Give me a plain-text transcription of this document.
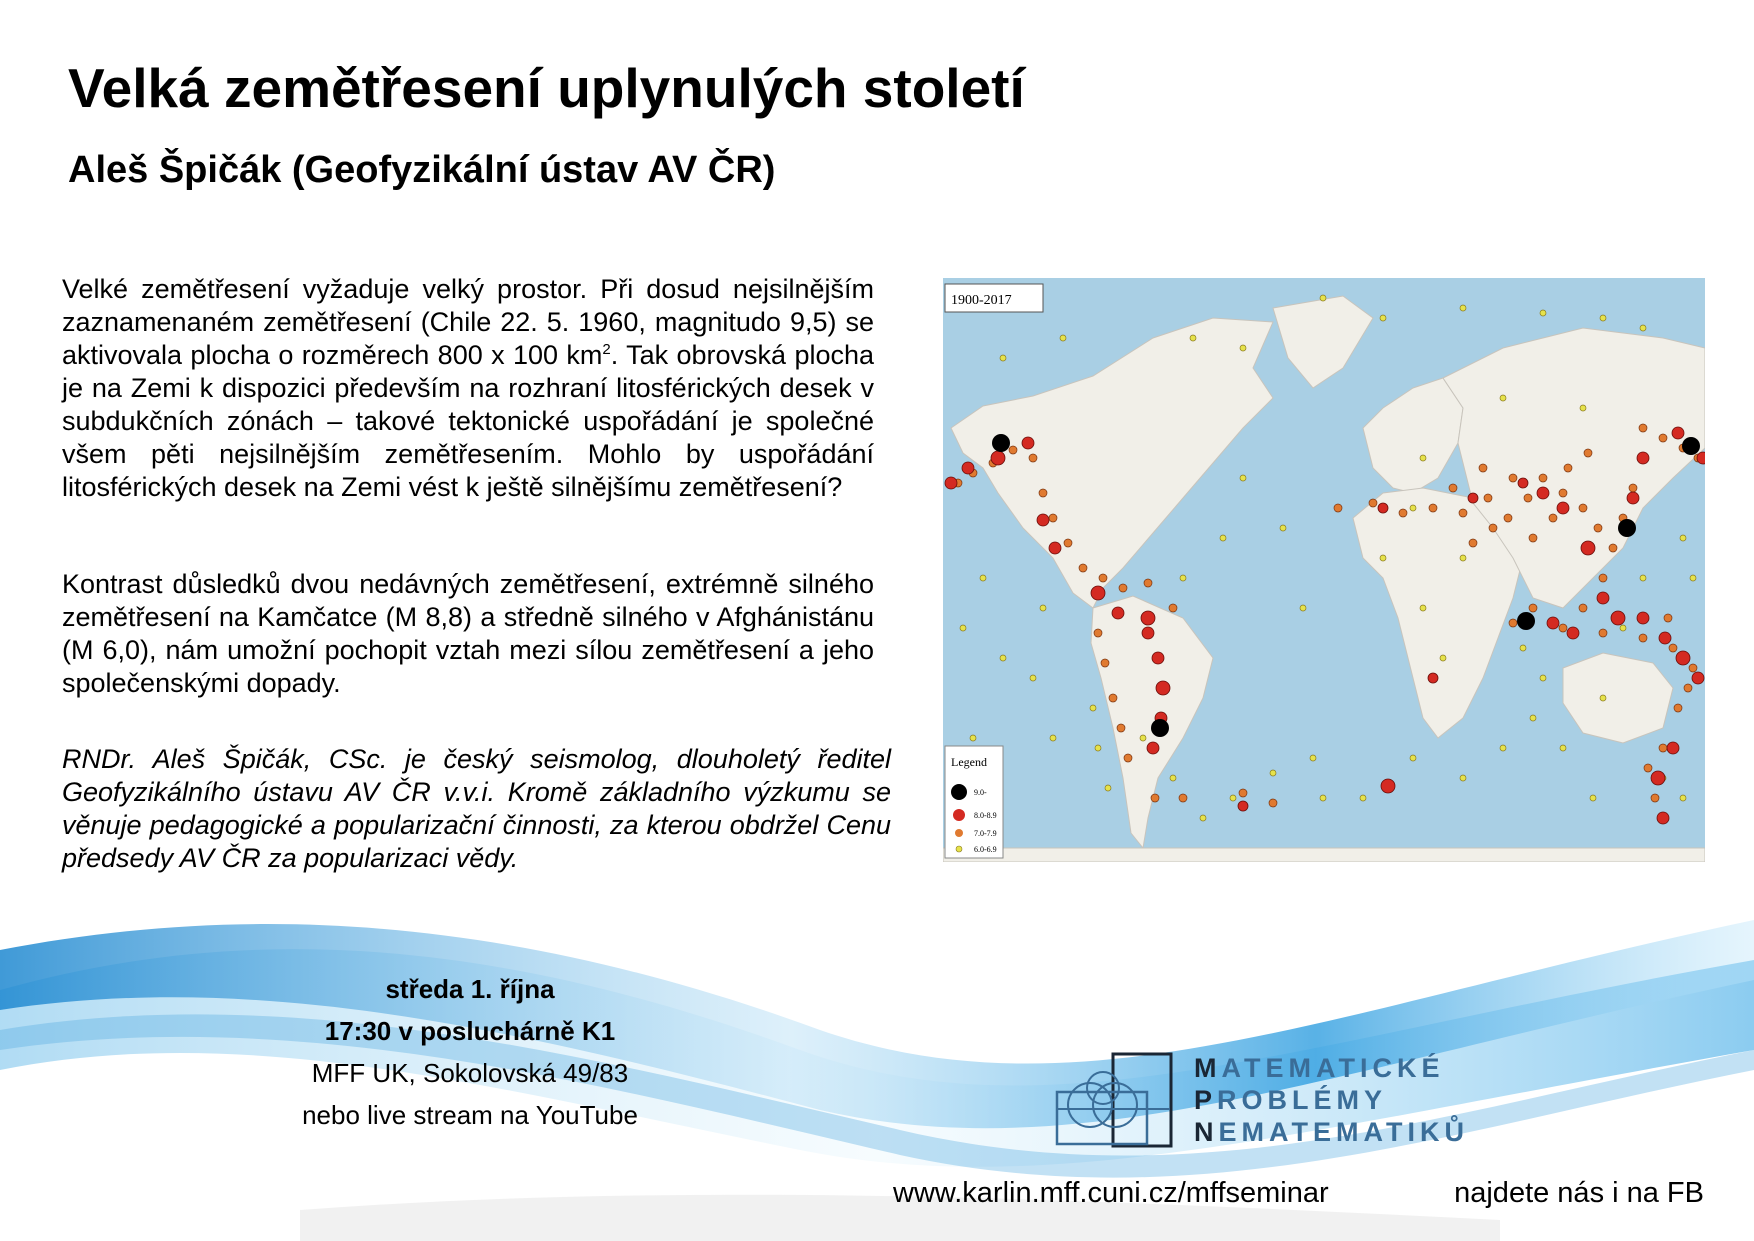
Velká zemětřesení uplynulých století
Aleš Špičák (Geofyzikální ústav AV ČR)

Velké zemětřesení vyžaduje velký prostor. Při dosud nejsilnějším zaznamenaném zemětřesení (Chile 22. 5. 1960, magnitudo 9,5) se aktivovala plocha o rozměrech 800 x 100 $km^2$. Tak obrovská plocha je na Zemi k dispozici především na rozhraní litosférických desek v subdukčních zónách – takové tektonické uspořádání je společné všem pěti nejsilnějším zemětřesením. Mohlo by uspořádání litosférických desek na Zemi vést k ještě silnějšímu zemětřesení?

Kontrast důsledků dvou nedávných zemětřesení, extrémně silného zemětřesení na Kamčatce (M 8,8) a středně silného v Afghánistánu (M 6,0), nám umožní pochopit vztah mezi sílou zemětřesení a jeho společenskými dopady.

RNDr. Aleš Špičák, CSc. je český seismolog, dlouholetý ředitel Geofyzikálního ústavu AV ČR v.v.i. Kromě základního výzkumu se věnuje pedagogické a popularizační činnosti, za kterou obdržel Cenu předsedy AV ČR za popularizaci vědy.

1900-2017
Legend
9.0-
8.0-8.9
7.0-7.9
6.0-6.9
středa 1. října
17:30 v posluchárně K1
MFF UK, Sokolovská 49/83
nebo live stream na YouTube
MATEMATICKÉ
PROBLÉMY
NEMATEMATIKŮ
www.karlin.mff.cuni.cz/mffseminar	najdete nás i na FB
